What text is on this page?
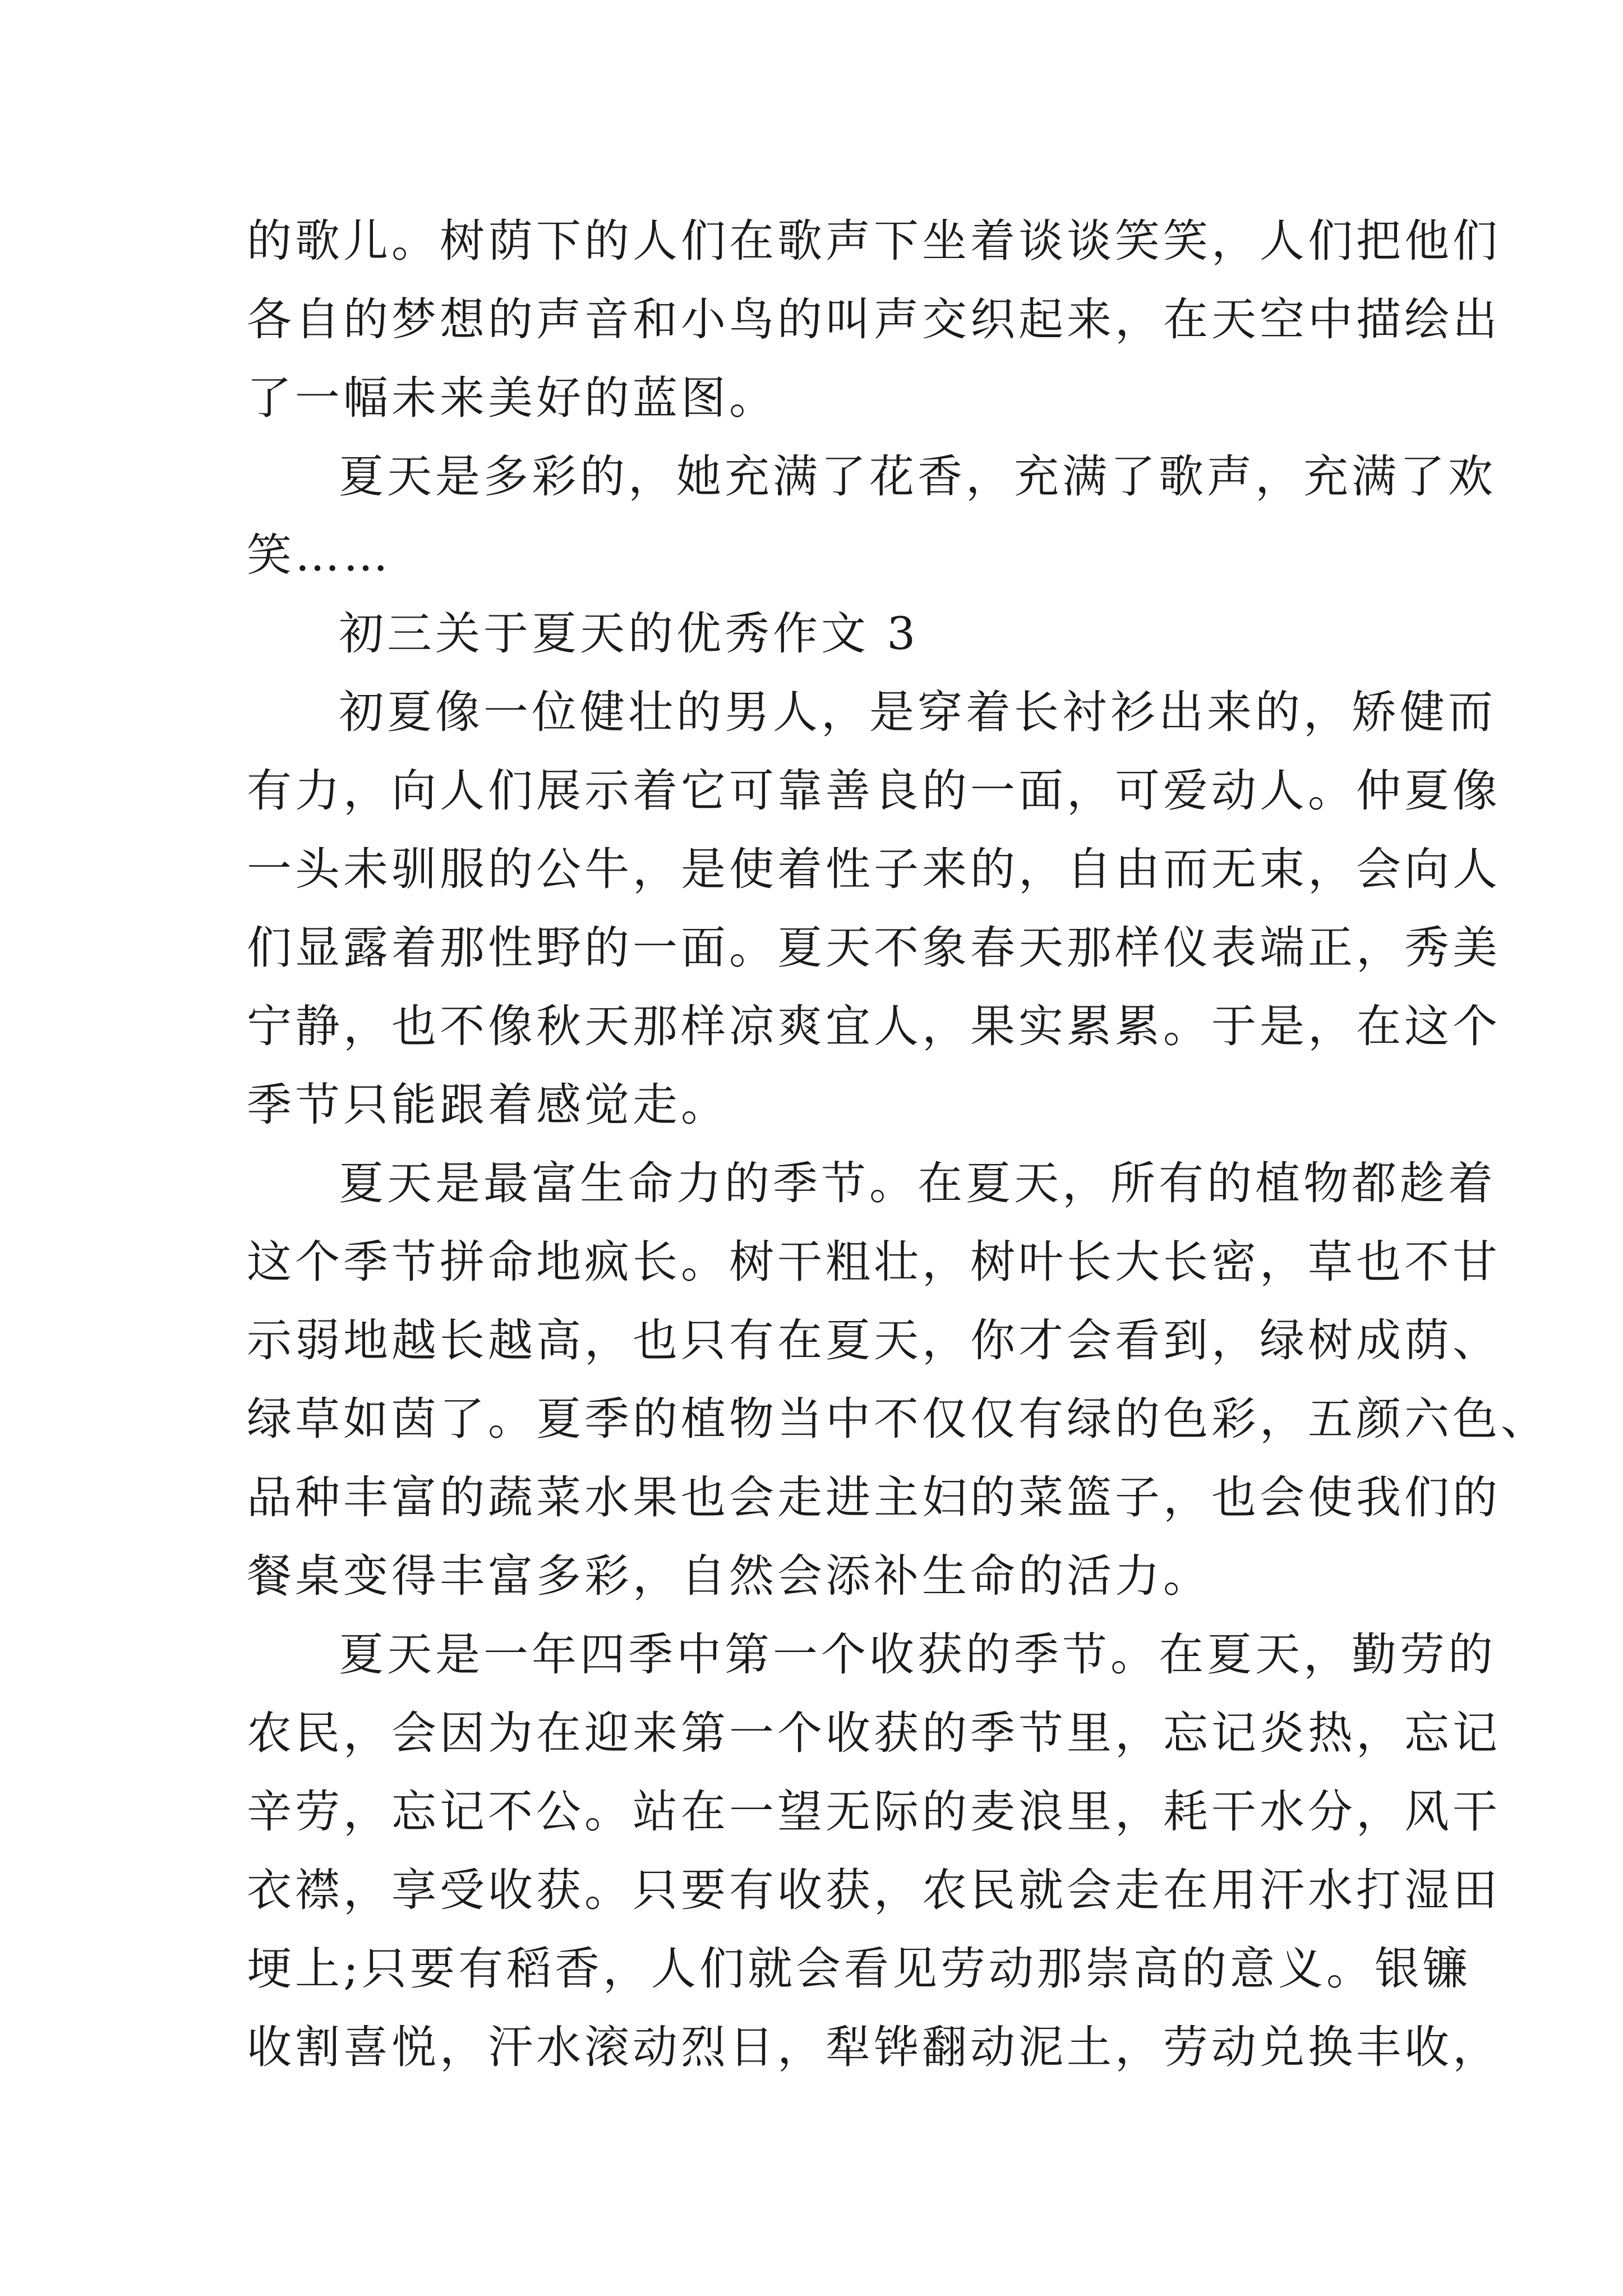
的歌儿。树荫下的人们在歌声下坐着谈谈笑笑，人们把他们
各自的梦想的声音和小鸟的叫声交织起来，在天空中描绘出
了一幅未来美好的蓝图。
夏天是多彩的，她充满了花香，充满了歌声，充满了欢
笑……
初三关于夏天的优秀作文 3
初夏像一位健壮的男人，是穿着长衬衫出来的，矫健而
有力，向人们展示着它可靠善良的一面，可爱动人。仲夏像
一头未驯服的公牛，是使着性子来的，自由而无束，会向人
们显露着那性野的一面。夏天不象春天那样仪表端正，秀美
宁静，也不像秋天那样凉爽宜人，果实累累。于是，在这个
季节只能跟着感觉走。
夏天是最富生命力的季节。在夏天，所有的植物都趁着
这个季节拼命地疯长。树干粗壮，树叶长大长密，草也不甘
示弱地越长越高，也只有在夏天，你才会看到，绿树成荫、
绿草如茵了。夏季的植物当中不仅仅有绿的色彩，五颜六色、
品种丰富的蔬菜水果也会走进主妇的菜篮子，也会使我们的
餐桌变得丰富多彩，自然会添补生命的活力。
夏天是一年四季中第一个收获的季节。在夏天，勤劳的
农民，会因为在迎来第一个收获的季节里，忘记炎热，忘记
辛劳，忘记不公。站在一望无际的麦浪里，耗干水分，风干
衣襟，享受收获。只要有收获，农民就会走在用汗水打湿田
埂上;只要有稻香，人们就会看见劳动那崇高的意义。银镰
收割喜悦，汗水滚动烈日，犁铧翻动泥土，劳动兑换丰收，
